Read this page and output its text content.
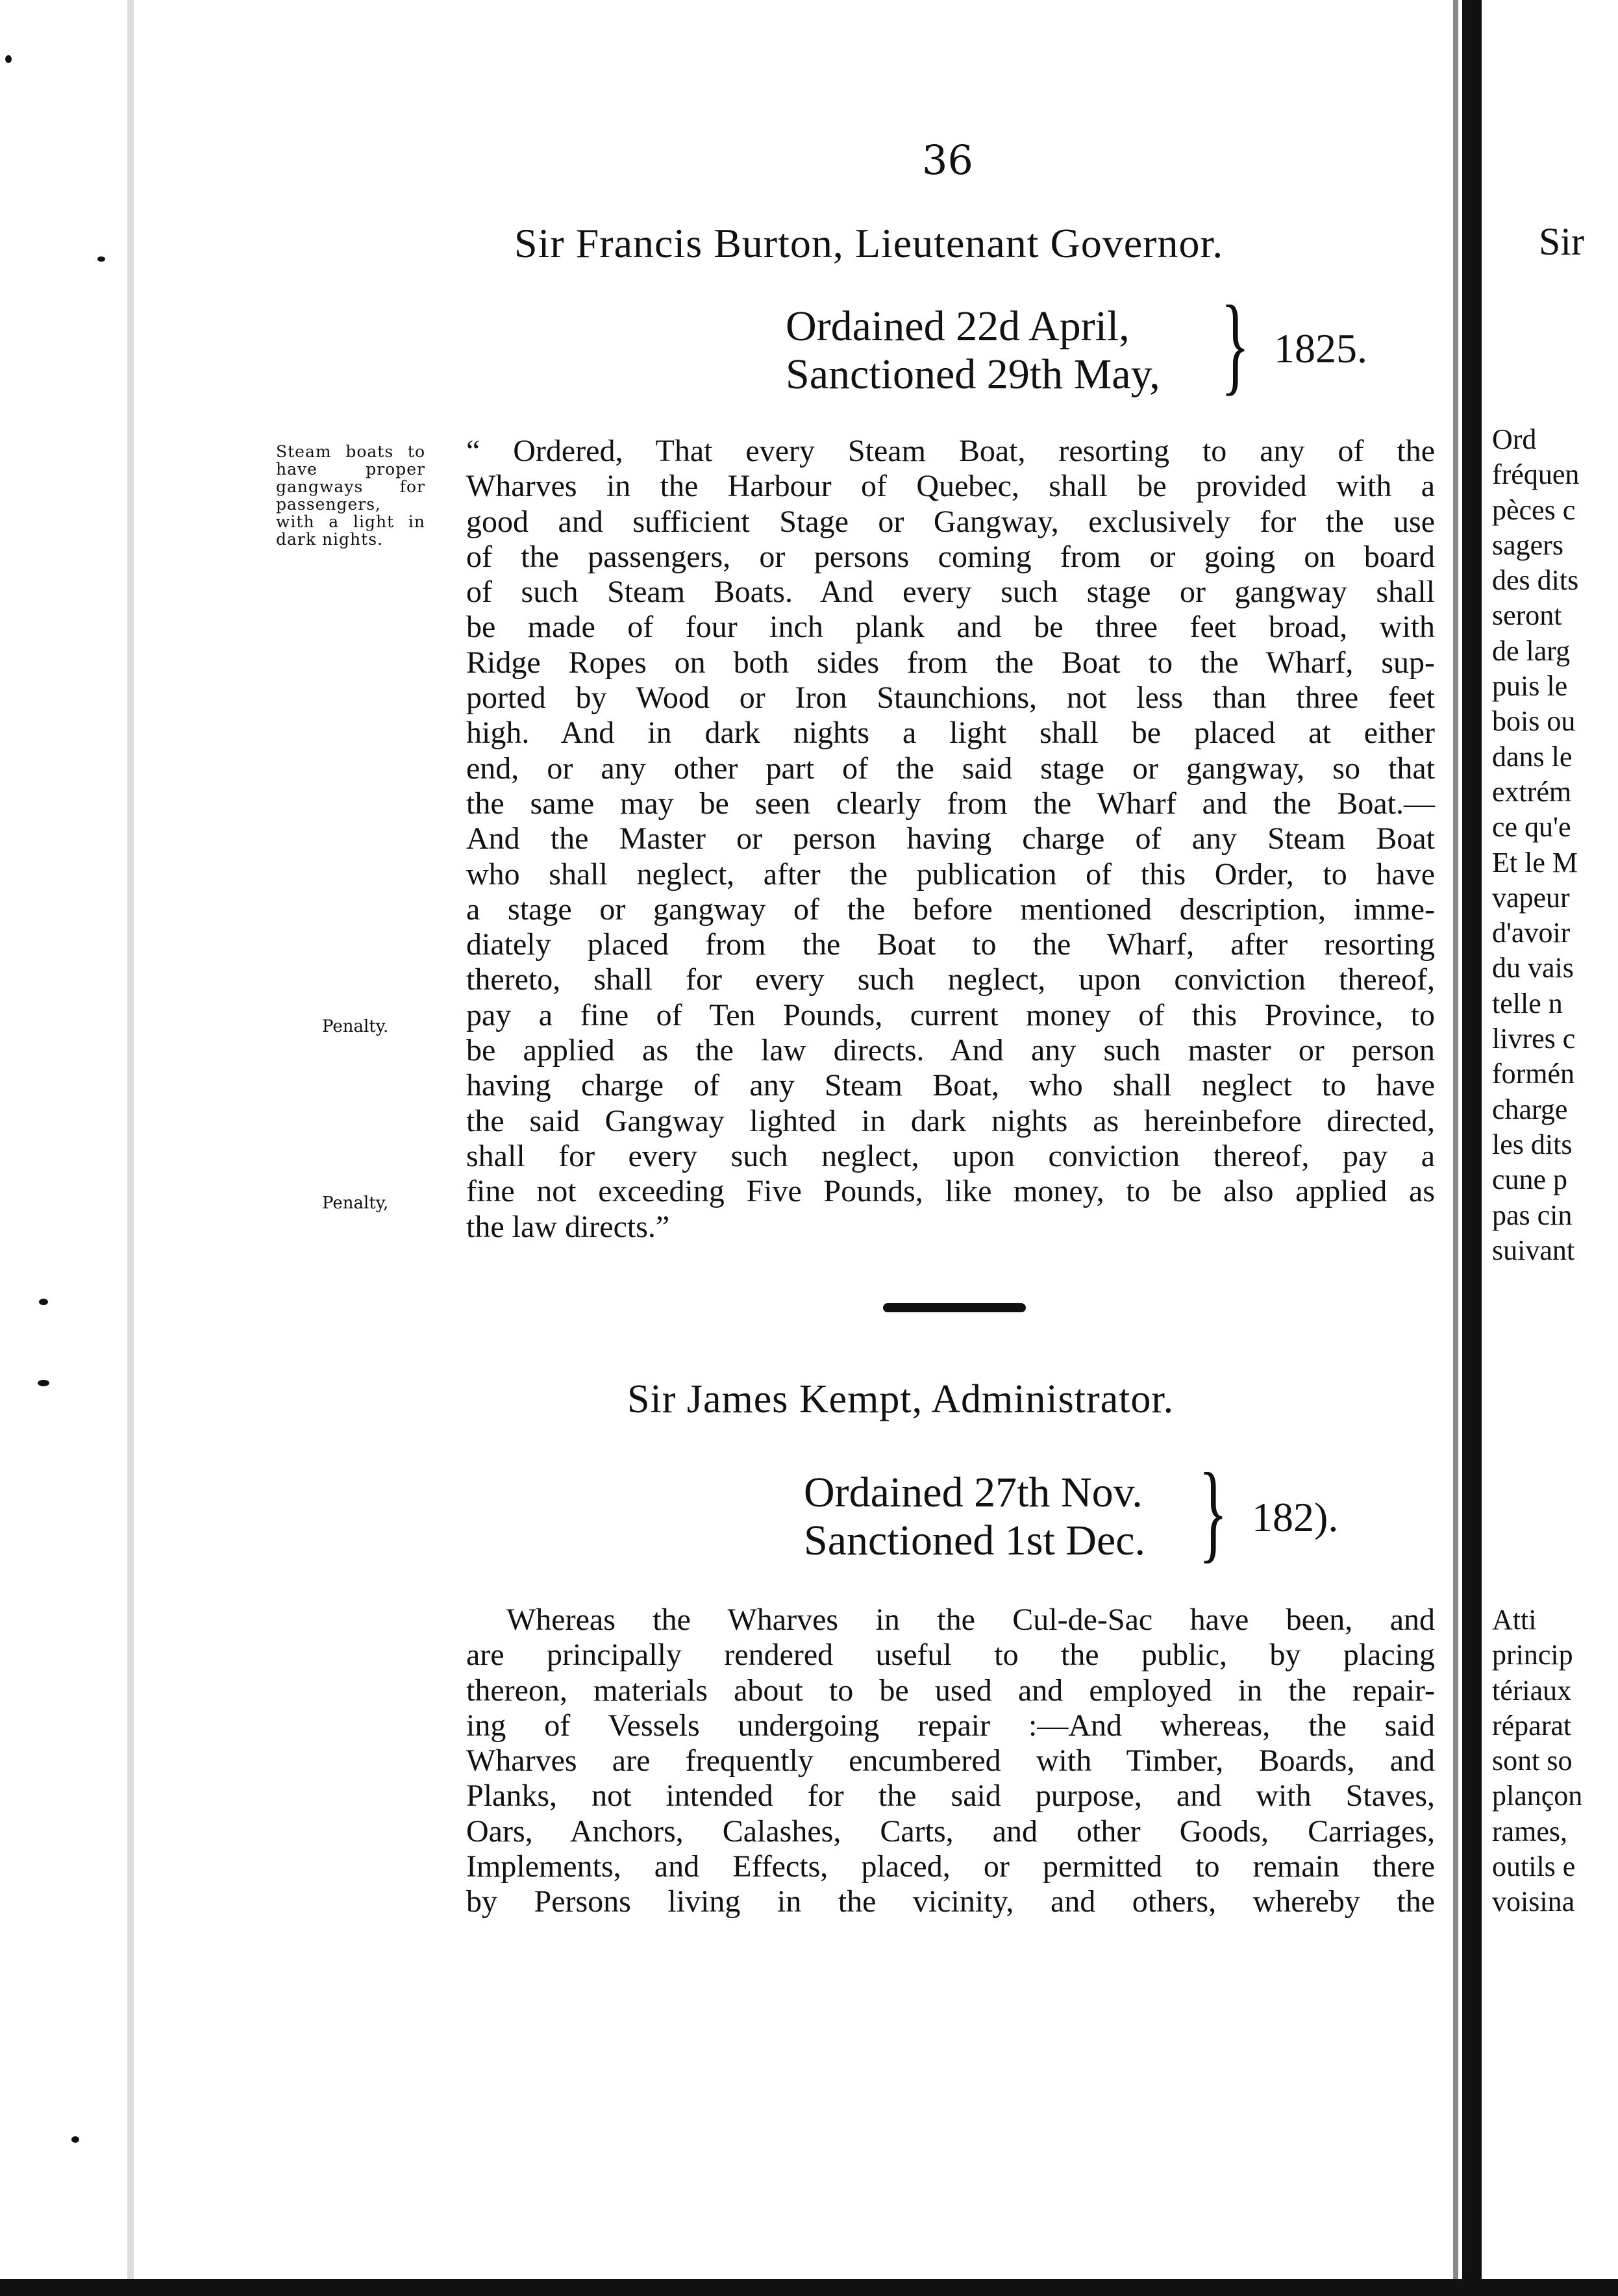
36
Sir Francis Burton, Lieutenant Governor.
Ordained 22d April,
Sanctioned 29th May, } 1825.
Steam boats to have proper gangways for passengers, with a light in dark nights.
Penalty.
Penalty,
“ Ordered, That every Steam Boat, resorting to any of the
Wharves in the Harbour of Quebec, shall be provided with a
good and sufficient Stage or Gangway, exclusively for the use
of the passengers, or persons coming from or going on board
of such Steam Boats. And every such stage or gangway shall
be made of four inch plank and be three feet broad, with
Ridge Ropes on both sides from the Boat to the Wharf, sup-
ported by Wood or Iron Staunchions, not less than three feet
high. And in dark nights a light shall be placed at either
end, or any other part of the said stage or gangway, so that
the same may be seen clearly from the Wharf and the Boat.—
And the Master or person having charge of any Steam Boat
who shall neglect, after the publication of this Order, to have
a stage or gangway of the before mentioned description, imme-
diately placed from the Boat to the Wharf, after resorting
thereto, shall for every such neglect, upon conviction thereof,
pay a fine of Ten Pounds, current money of this Province, to
be applied as the law directs. And any such master or person
having charge of any Steam Boat, who shall neglect to have
the said Gangway lighted in dark nights as hereinbefore directed,
shall for every such neglect, upon conviction thereof, pay a
fine not exceeding Five Pounds, like money, to be also applied as
the law directs.”
Sir James Kempt, Administrator.
Ordained 27th Nov.
Sanctioned 1st Dec. } 182).
Whereas the Wharves in the Cul-de-Sac have been, and
are principally rendered useful to the public, by placing
thereon, materials about to be used and employed in the repair-
ing of Vessels undergoing repair :—And whereas, the said
Wharves are frequently encumbered with Timber, Boards, and
Planks, not intended for the said purpose, and with Staves,
Oars, Anchors, Calashes, Carts, and other Goods, Carriages,
Implements, and Effects, placed, or permitted to remain there
by Persons living in the vicinity, and others, whereby the
Sir
Ord
fréquen
pèces c
sagers
des dits
seront
de larg
puis le
bois ou
dans le
extrém
ce qu'e
Et le M
vapeur
d'avoir
du vais
telle n
livres c
formén
charge
les dits
cune p
pas cin
suivant
Atti
princip
tériaux
réparat
sont so
plançon
rames,
outils e
voisina
